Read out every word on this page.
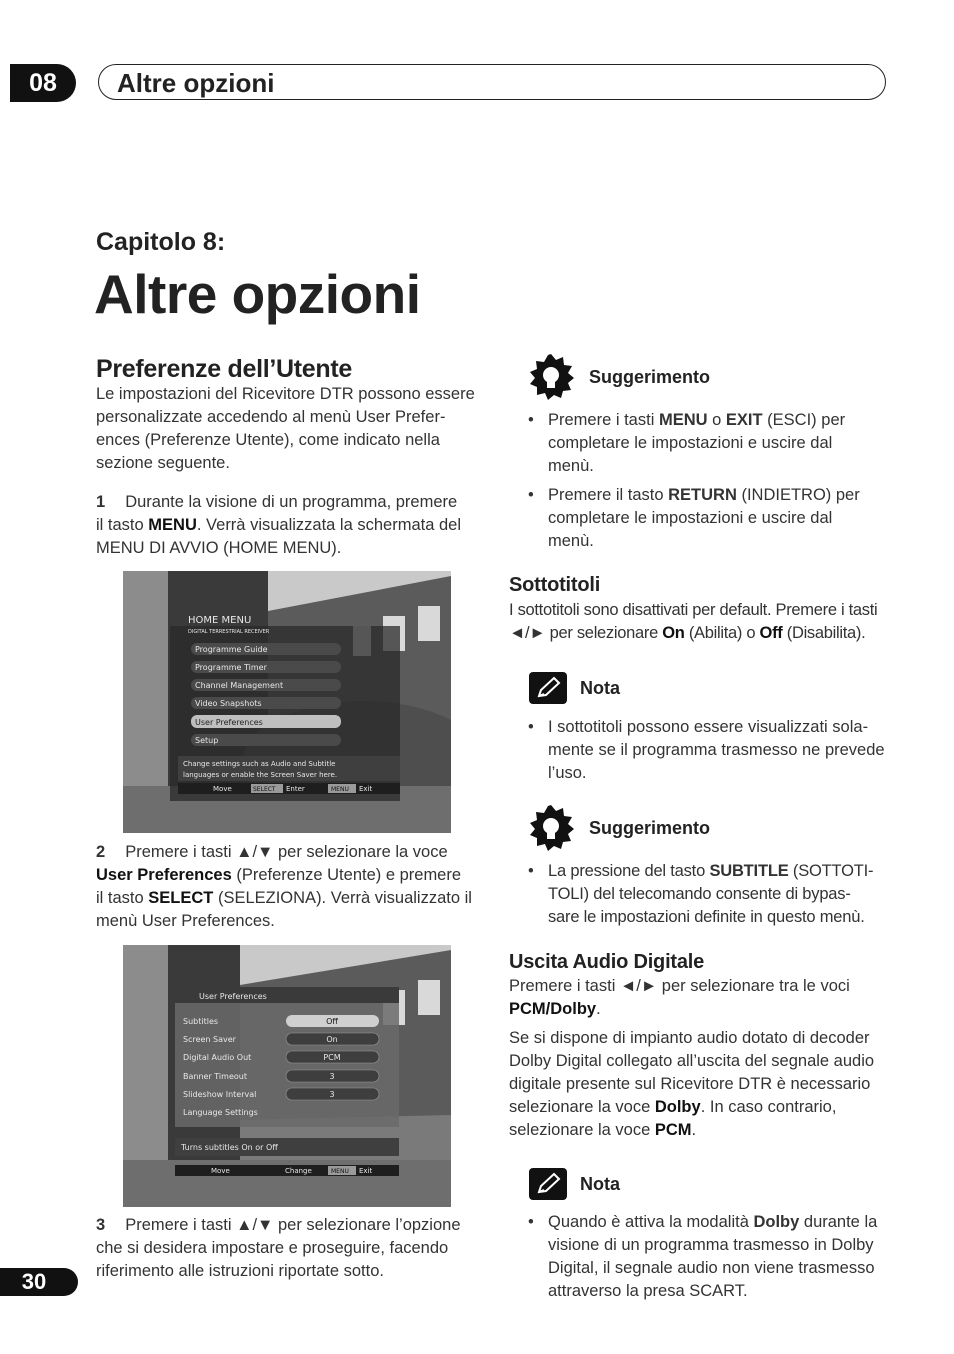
08	Altre opzioni
Capitolo 8:
Altre opzioni
Preferenze dell’Utente
Le impostazioni del Ricevitore DTR possono essere
personalizzate accedendo al menù User Prefer-
ences (Preferenze Utente), come indicato nella
sezione seguente.
1 Durante la visione di un programma, premere
il tasto MENU. Verrà visualizzata la schermata del
MENU DI AVVIO (HOME MENU).
HOME MENU
DIGITAL TERRESTRIAL RECEIVER
Programme Guide
Programme Timer
Channel Management
Video Snapshots
User Preferences
Setup
Change settings such as Audio and Subtitle
languages or enable the Screen Saver here.
Move	SELECT Enter	MENU Exit
2 Premere i tasti ▲/▼ per selezionare la voce
User Preferences (Preferenze Utente) e premere
il tasto SELECT (SELEZIONA). Verrà visualizzato il
menù User Preferences.
User Preferences
Subtitles	Off
Screen Saver	On
Digital Audio Out	PCM
Banner Timeout	3
Slideshow Interval	3
Language Settings
Turns subtitles On or Off
Move	Change	MENU Exit
3 Premere i tasti ▲/▼ per selezionare l’opzione
che si desidera impostare e proseguire, facendo
riferimento alle istruzioni riportate sotto.
30
Suggerimento
• Premere i tasti MENU o EXIT (ESCI) per
completare le impostazioni e uscire dal
menù.
• Premere il tasto RETURN (INDIETRO) per
completare le impostazioni e uscire dal
menù.
Sottotitoli
I sottotitoli sono disattivati per default. Premere i tasti
◄/► per selezionare On (Abilita) o Off (Disabilita).
Nota
• I sottotitoli possono essere visualizzati sola-
mente se il programma trasmesso ne prevede
l’uso.
Suggerimento
• La pressione del tasto SUBTITLE (SOTTOTI-
TOLI) del telecomando consente di bypas-
sare le impostazioni definite in questo menù.
Uscita Audio Digitale
Premere i tasti ◄/► per selezionare tra le voci
PCM/Dolby.
Se si dispone di impianto audio dotato di decoder
Dolby Digital collegato all’uscita del segnale audio
digitale presente sul Ricevitore DTR è necessario
selezionare la voce Dolby. In caso contrario,
selezionare la voce PCM.
Nota
• Quando è attiva la modalità Dolby durante la
visione di un programma trasmesso in Dolby
Digital, il segnale audio non viene trasmesso
attraverso la presa SCART.
